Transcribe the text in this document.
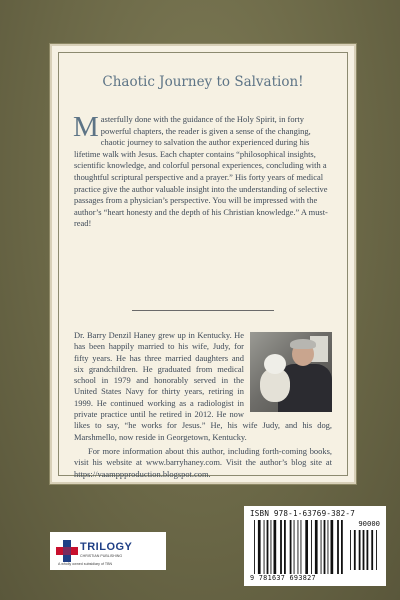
Chaotic Journey to Salvation!
Masterfully done with the guidance of the Holy Spirit, in forty powerful chapters, the reader is given a sense of the changing, chaotic journey to salvation the author experienced during his lifetime walk with Jesus. Each chapter contains “philosophical insights, scientific knowledge, and colorful personal experiences, concluding with a thoughtful scriptural perspective and a prayer.” His forty years of medical practice give the author valuable insight into the understanding of selective passages from a physician’s perspective. You will be impressed with the author’s “heart honesty and the depth of his Christian knowledge.” A must-read!

Dr. Barry Denzil Haney grew up in Kentucky. He has been happily married to his wife, Judy, for fifty years. He has three married daughters and six grandchildren. He graduated from medical school in 1979 and honorably served in the United States Navy for thirty years, retiring in 1999. He continued working as a radiologist in private practice until he retired in 2012. He now likes to say, “he works for Jesus.” He, his wife Judy, and his dog, Marshmello, now reside in Georgetown, Kentucky.

For more information about this author, including forth-coming books, visit his website at www.barryhaney.com. Visit the author’s blog site at https://vaamppproduction.blogspot.com.

TRILOGY
CHRISTIAN PUBLISHING
A wholly owned subsidiary of TBN
ISBN 978-1-63769-382-7
90000
9 781637 693827
